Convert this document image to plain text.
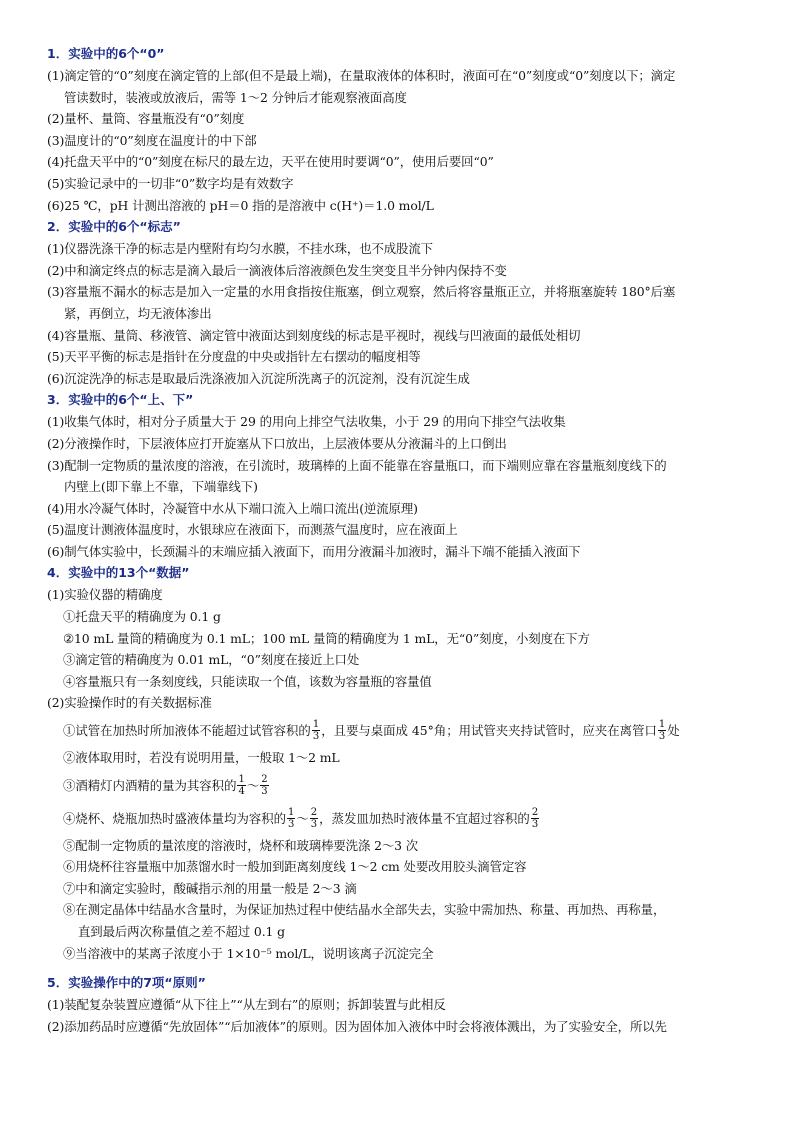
1．实验中的6个“0”
(1)滴定管的“0”刻度在滴定管的上部(但不是最上端)，在量取液体的体积时，液面可在“0”刻度或“0”刻度以下；滴定
管读数时，装液或放液后，需等 1～2 分钟后才能观察液面高度
(2)量杯、量筒、容量瓶没有“0”刻度
(3)温度计的“0”刻度在温度计的中下部
(4)托盘天平中的“0”刻度在标尺的最左边，天平在使用时要调“0”，使用后要回“0”
(5)实验记录中的一切非“0”数字均是有效数字
(6)25 ℃，pH 计测出溶液的 pH＝0 指的是溶液中 c(H⁺)＝1.0 mol/L
2．实验中的6个“标志”
(1)仪器洗涤干净的标志是内壁附有均匀水膜，不挂水珠，也不成股流下
(2)中和滴定终点的标志是滴入最后一滴液体后溶液颜色发生突变且半分钟内保持不变
(3)容量瓶不漏水的标志是加入一定量的水用食指按住瓶塞，倒立观察，然后将容量瓶正立，并将瓶塞旋转 180°后塞
紧，再倒立，均无液体渗出
(4)容量瓶、量筒、移液管、滴定管中液面达到刻度线的标志是平视时，视线与凹液面的最低处相切
(5)天平平衡的标志是指针在分度盘的中央或指针左右摆动的幅度相等
(6)沉淀洗净的标志是取最后洗涤液加入沉淀所洗离子的沉淀剂，没有沉淀生成
3．实验中的6个“上、下”
(1)收集气体时，相对分子质量大于 29 的用向上排空气法收集，小于 29 的用向下排空气法收集
(2)分液操作时，下层液体应打开旋塞从下口放出，上层液体要从分液漏斗的上口倒出
(3)配制一定物质的量浓度的溶液，在引流时，玻璃棒的上面不能靠在容量瓶口，而下端则应靠在容量瓶刻度线下的
内壁上(即下靠上不靠，下端靠线下)
(4)用水冷凝气体时，冷凝管中水从下端口流入上端口流出(逆流原理)
(5)温度计测液体温度时，水银球应在液面下，而测蒸气温度时，应在液面上
(6)制气体实验中，长颈漏斗的末端应插入液面下，而用分液漏斗加液时，漏斗下端不能插入液面下
4．实验中的13个“数据”
(1)实验仪器的精确度
①托盘天平的精确度为 0.1 g
②10 mL 量筒的精确度为 0.1 mL；100 mL 量筒的精确度为 1 mL，无“0”刻度，小刻度在下方
③滴定管的精确度为 0.01 mL，“0”刻度在接近上口处
④容量瓶只有一条刻度线，只能读取一个值，该数为容量瓶的容量值
(2)实验操作时的有关数据标准
①试管在加热时所加液体不能超过试管容积的 $\frac{1}{3}$ ，且要与桌面成 45°角；用试管夹夹持试管时，应夹在离管口 $\frac{1}{3}$ 处
②液体取用时，若没有说明用量，一般取 1～2 mL
③酒精灯内酒精的量为其容积的 $\frac{1}{4}$ ～ $\frac{2}{3}$
④烧杯、烧瓶加热时盛液体量均为容积的 $\frac{1}{3}$ ～ $\frac{2}{3}$ ，蒸发皿加热时液体量不宜超过容积的 $\frac{2}{3}$
⑤配制一定物质的量浓度的溶液时，烧杯和玻璃棒要洗涤 2～3 次
⑥用烧杯往容量瓶中加蒸馏水时一般加到距离刻度线 1～2 cm 处要改用胶头滴管定容
⑦中和滴定实验时，酸碱指示剂的用量一般是 2～3 滴
⑧在测定晶体中结晶水含量时，为保证加热过程中使结晶水全部失去，实验中需加热、称量、再加热、再称量，
直到最后两次称量值之差不超过 0.1 g
⑨当溶液中的某离子浓度小于 1×10⁻⁵ mol/L，说明该离子沉淀完全
5．实验操作中的7项“原则”
(1)装配复杂装置应遵循“从下往上”“从左到右”的原则；拆卸装置与此相反
(2)添加药品时应遵循“先放固体”“后加液体”的原则。因为固体加入液体中时会将液体溅出，为了实验安全，所以先
